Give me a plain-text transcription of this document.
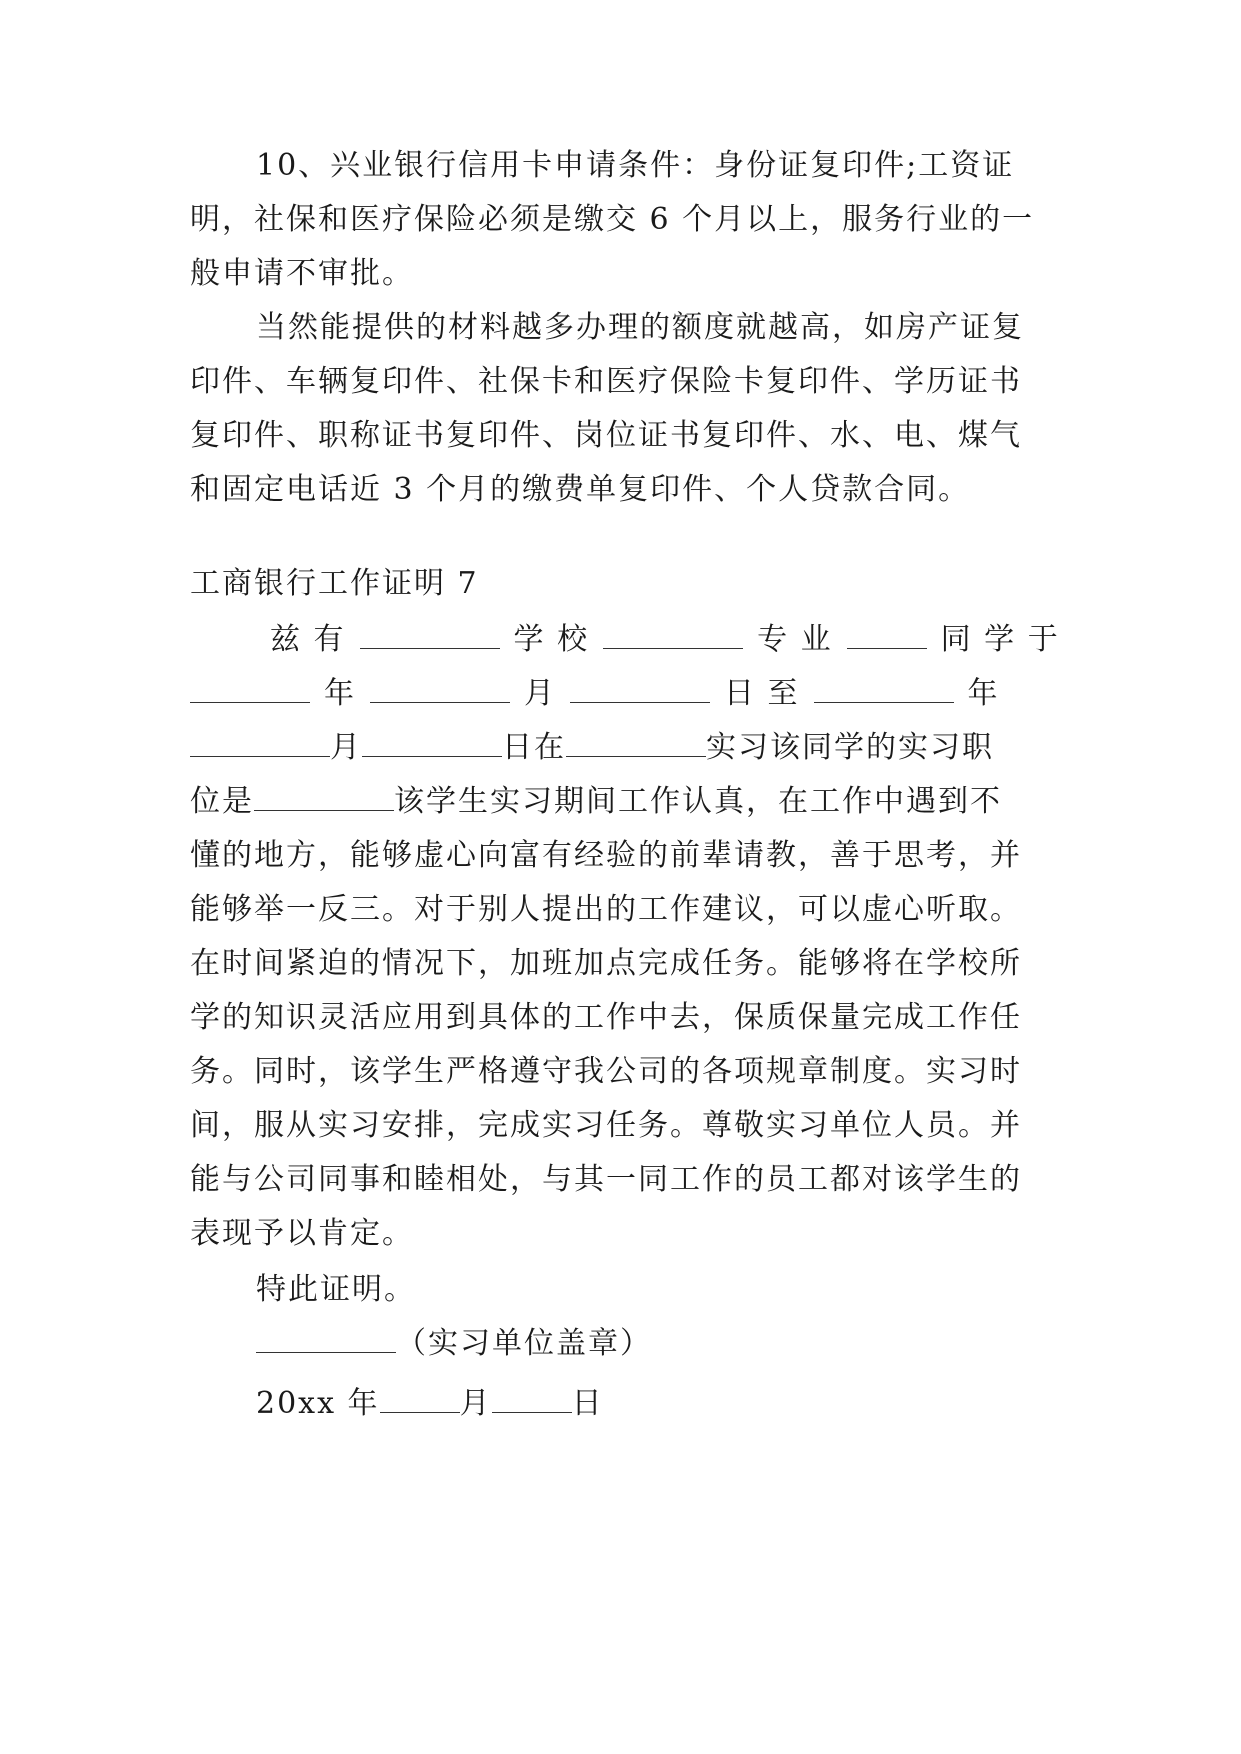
10、兴业银行信用卡申请条件：身份证复印件;工资证
明，社保和医疗保险必须是缴交 6 个月以上，服务行业的一
般申请不审批。
当然能提供的材料越多办理的额度就越高，如房产证复
印件、车辆复印件、社保卡和医疗保险卡复印件、学历证书
复印件、职称证书复印件、岗位证书复印件、水、电、煤气
和固定电话近 3 个月的缴费单复印件、个人贷款合同。
工商银行工作证明 7
兹 有	学 校	专 业	同 学 于
年	月	日 至	年
月	日在	实习该同学的实习职
位是	该学生实习期间工作认真，在工作中遇到不
懂的地方，能够虚心向富有经验的前辈请教，善于思考，并
能够举一反三。对于别人提出的工作建议，可以虚心听取。
在时间紧迫的情况下，加班加点完成任务。能够将在学校所
学的知识灵活应用到具体的工作中去，保质保量完成工作任
务。同时，该学生严格遵守我公司的各项规章制度。实习时
间，服从实习安排，完成实习任务。尊敬实习单位人员。并
能与公司同事和睦相处，与其一同工作的员工都对该学生的
表现予以肯定。
特此证明。
（实习单位盖章）
20xx 年	月	日
